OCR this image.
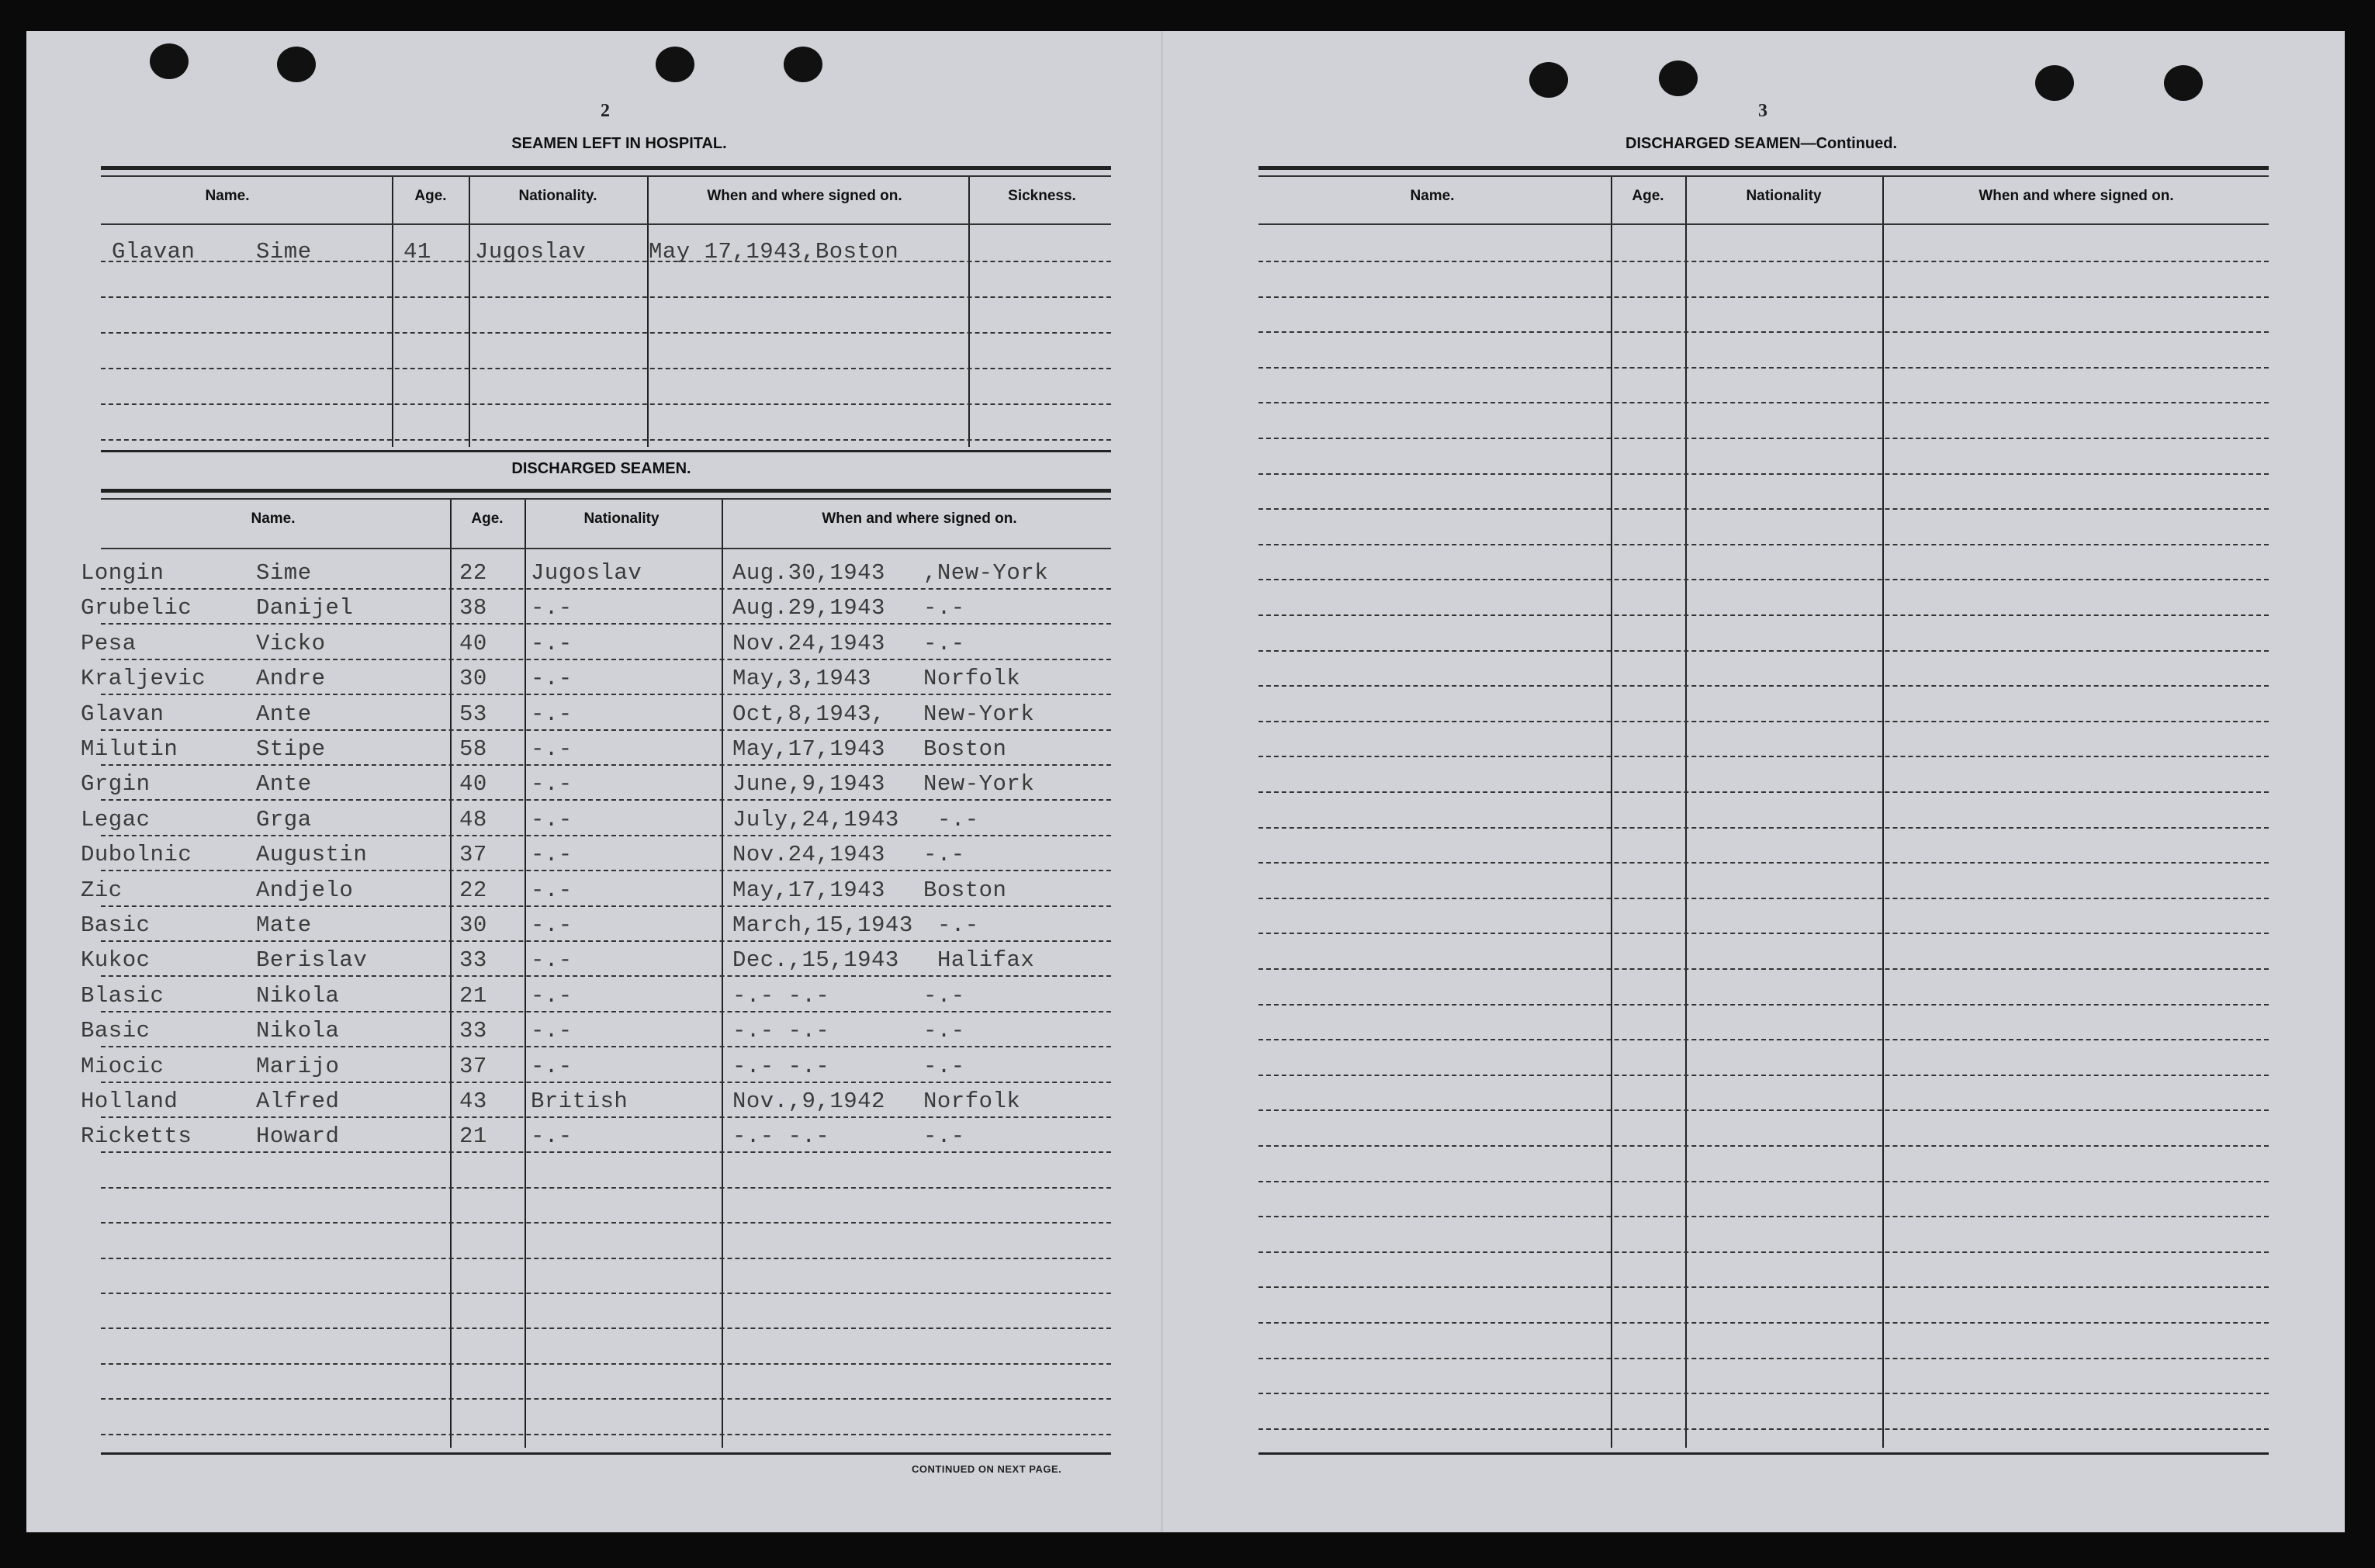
2
SEAMEN LEFT IN HOSPITAL.
Name.	Age.	Nationality.	When and where signed on.	Sickness.
Glavan	Sime	41 Jugoslav	May 17,1943,Boston
DISCHARGED SEAMEN.
Name.	Age.	Nationality	When and where signed on.
Longin	Sime	22 Jugoslav	Aug.30,1943 ,New-York
Grubelic	Danijel	38 -.-	Aug.29,1943 -.-
Pesa	Vicko	40 -.-	Nov.24,1943 -.-
Kraljevic Andre	30 -.-	May,3,1943 Norfolk
Glavan	Ante	53 -.-	Oct,8,1943, New-York
Milutin	Stipe	58 -.-	May,17,1943 Boston
Grgin	Ante	40 -.-	June,9,1943 New-York
Legac	Grga	48 -.-	July,24,1943 -.-
Dubolnic	Augustin	37 -.-	Nov.24,1943 -.-
Zic	Andjelo	22 -.-	May,17,1943 Boston
Basic	Mate	30 -.-	March,15,1943 -.-
Kukoc	Berislav	33 -.-	Dec.,15,1943 Halifax
Blasic	Nikola	21 -.-	-.- -.-	-.-
Basic	Nikola	33 -.-	-.- -.-	-.-
Miocic	Marijo	37 -.-	-.- -.-	-.-
Holland	Alfred	43 British	Nov.,9,1942 Norfolk
Ricketts	Howard	21 -.-	-.- -.-	-.-
CONTINUED ON NEXT PAGE.
3
DISCHARGED SEAMEN—Continued.
Name.	Age.	Nationality	When and where signed on.
